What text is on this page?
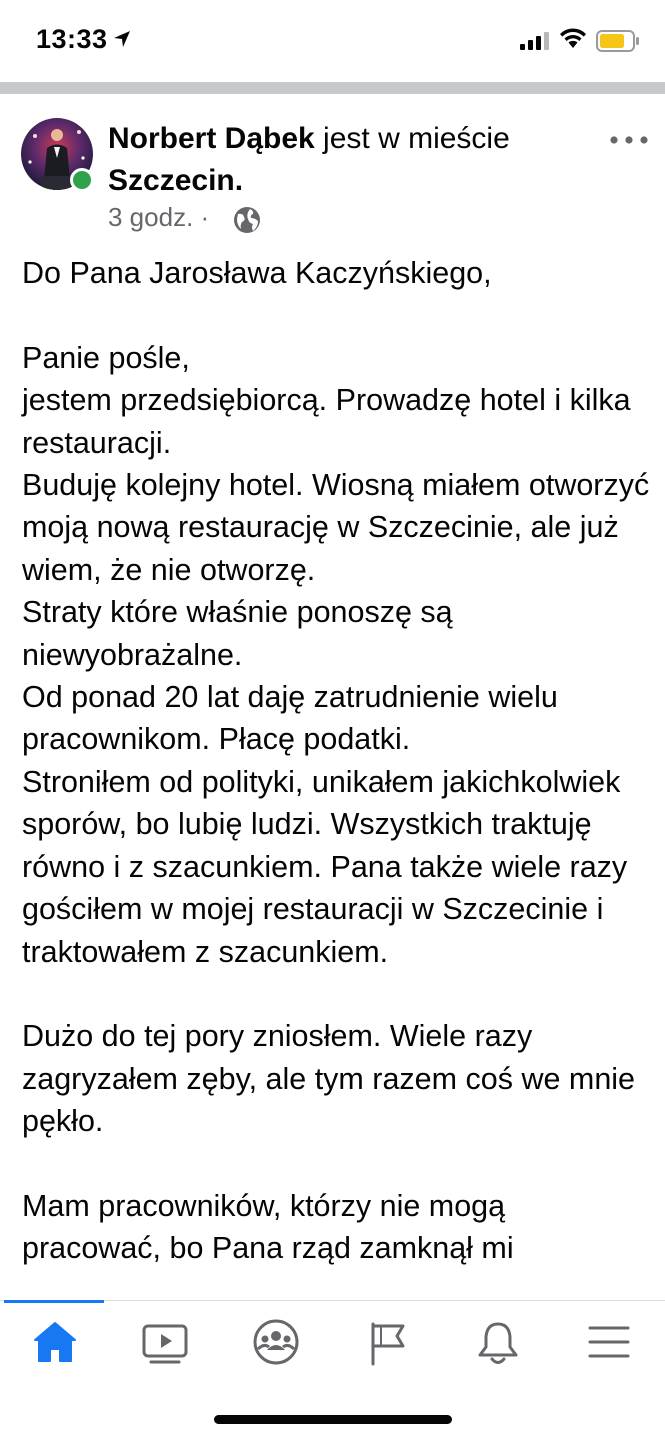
13:33
Norbert Dąbek jest w mieście Szczecin.
3 godz. ·
Do Pana Jarosława Kaczyńskiego,

Panie pośle,
jestem przedsiębiorcą. Prowadzę hotel i kilka restauracji.
Buduję kolejny hotel. Wiosną miałem otworzyć moją nową restaurację w Szczecinie, ale już wiem, że nie otworzę.
Straty które właśnie ponoszę są niewyobrażalne.
Od ponad 20 lat daję zatrudnienie wielu pracownikom. Płacę podatki.
Stroniłem od polityki, unikałem jakichkolwiek sporów, bo lubię ludzi. Wszystkich traktuję równo i z szacunkiem. Pana także wiele razy gościłem w mojej restauracji w Szczecinie i traktowałem z szacunkiem.

Dużo do tej pory zniosłem. Wiele razy zagryzałem zęby, ale tym razem coś we mnie pękło.

Mam pracowników, którzy nie mogą pracować, bo Pana rząd zamknął mi
